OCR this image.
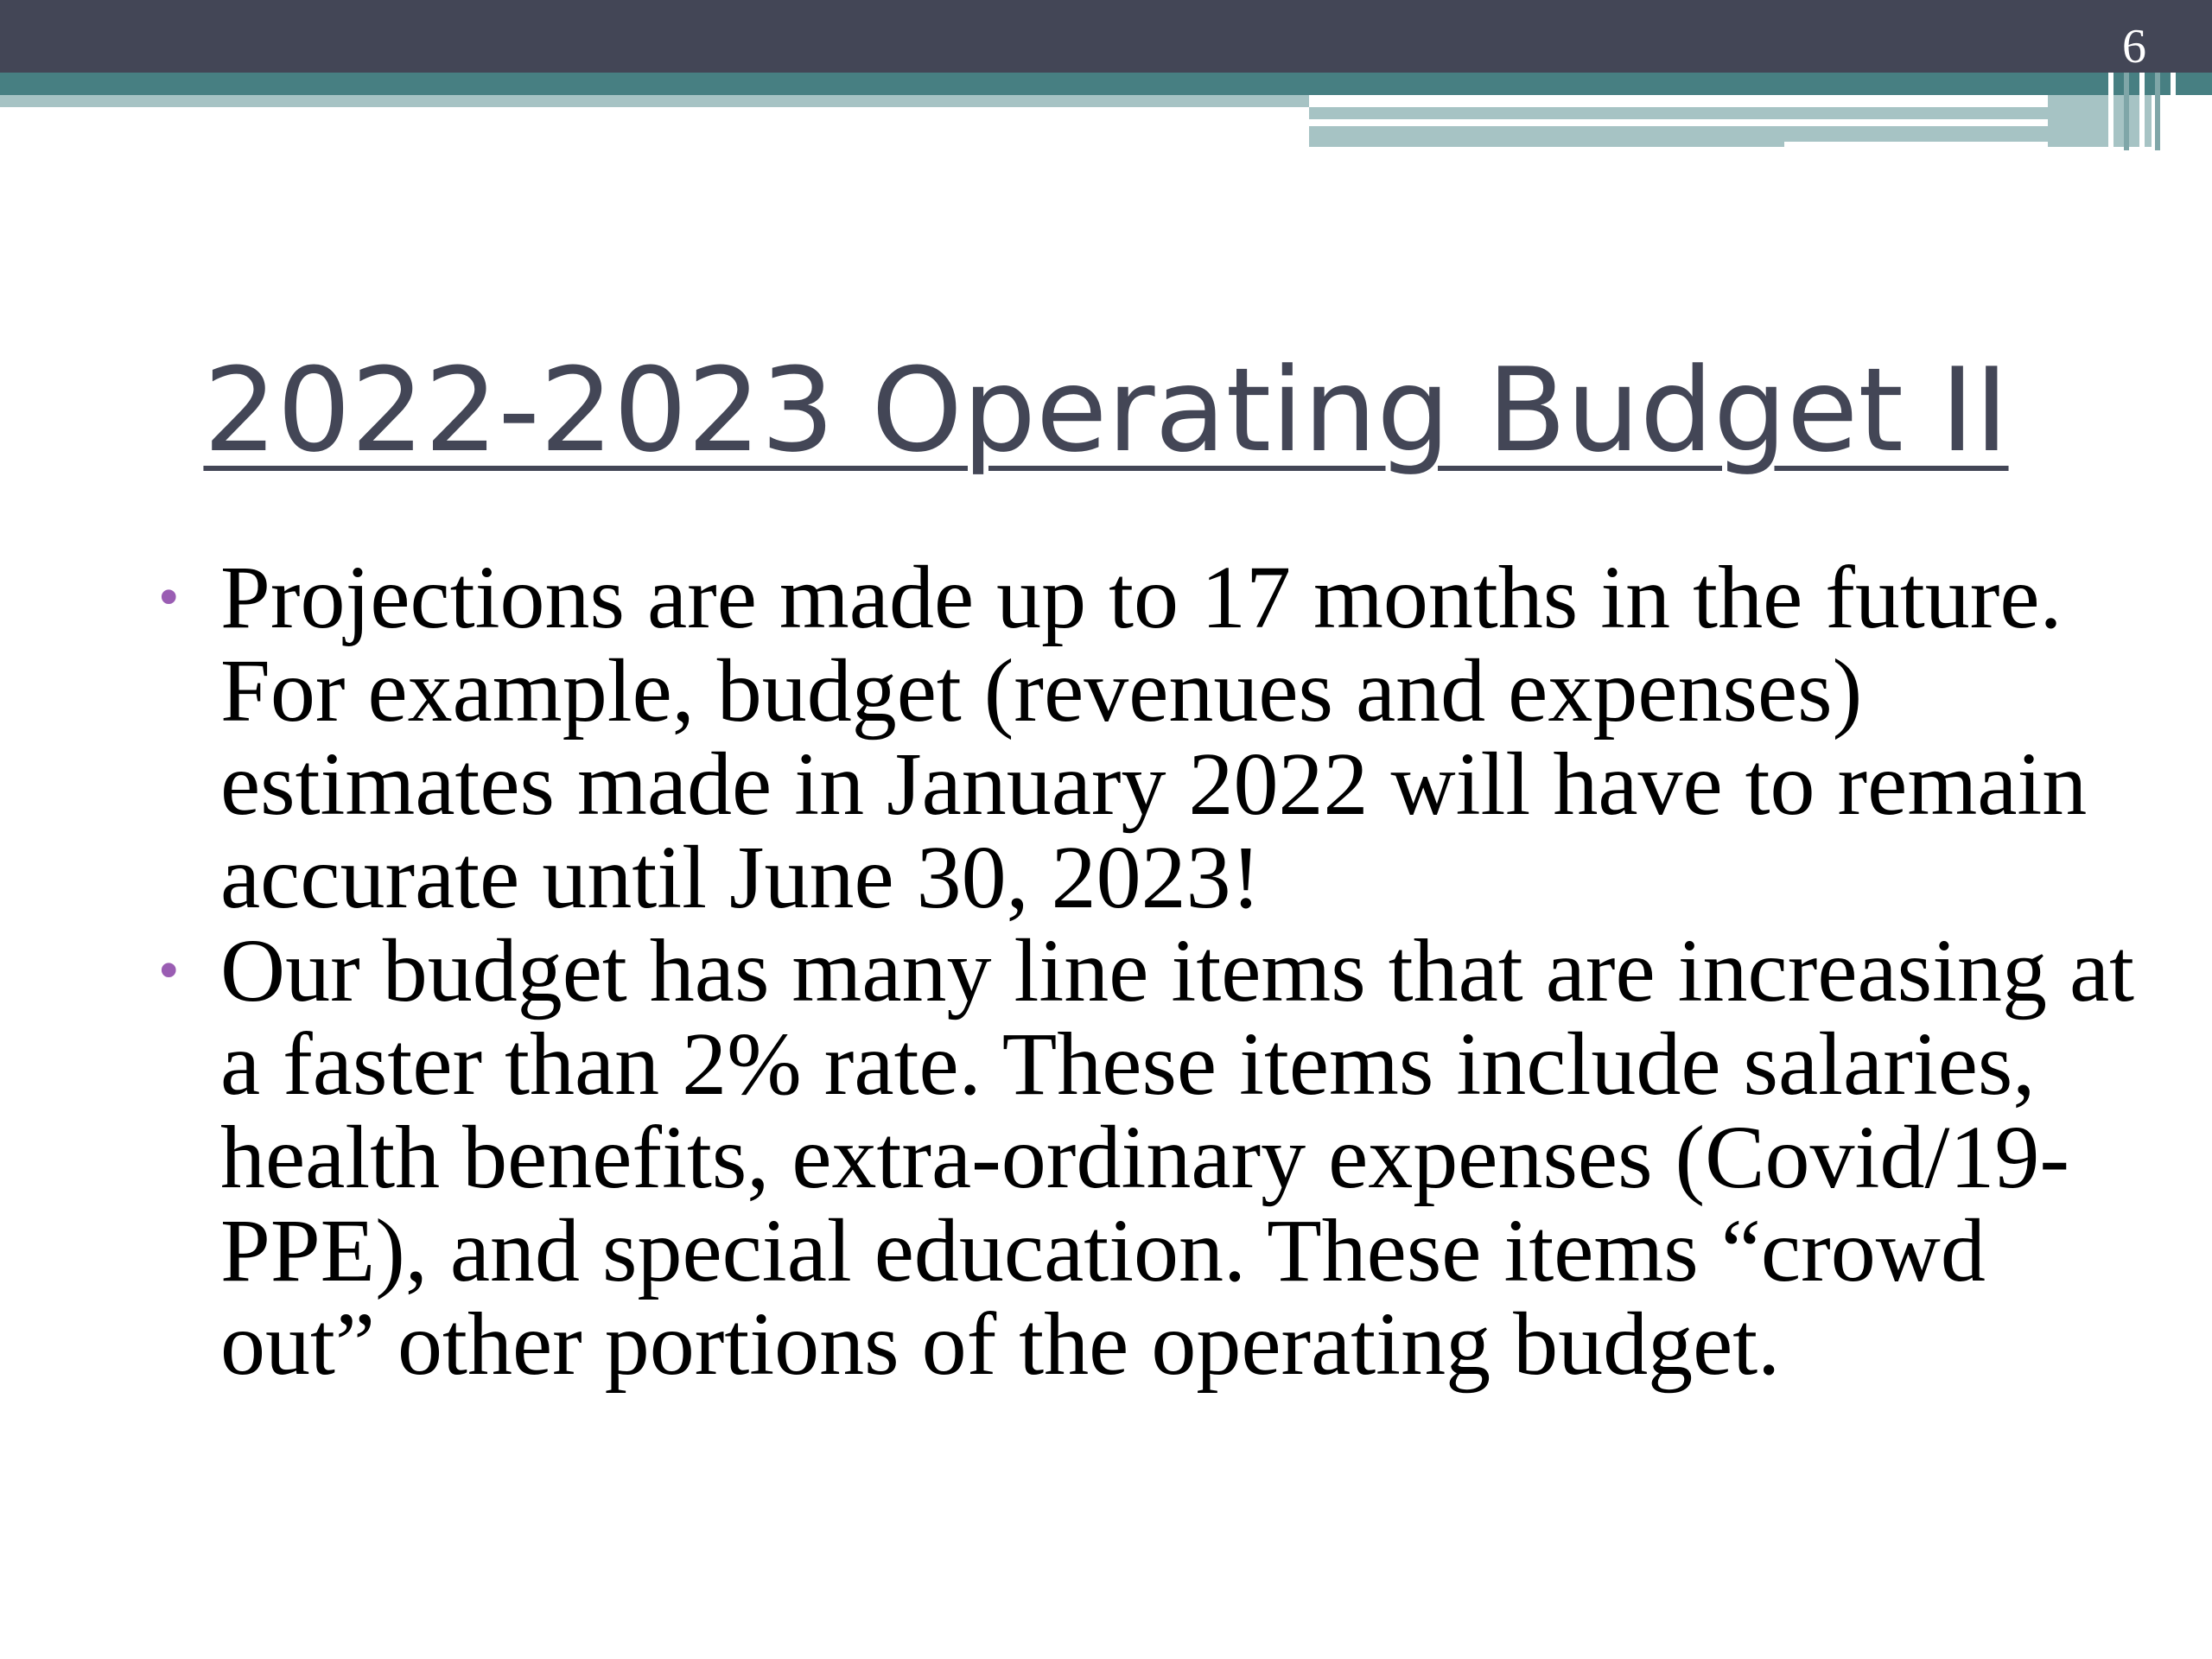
6
2022-2023 Operating Budget II
• Projections are made up to 17 months in the future. For example, budget (revenues and expenses) estimates made in January 2022 will have to remain accurate until June 30, 2023!
• Our budget has many line items that are increasing at a faster than 2% rate. These items include salaries, health benefits, extra-ordinary expenses (Covid/19-PPE), and special education. These items “crowd out” other portions of the operating budget.
